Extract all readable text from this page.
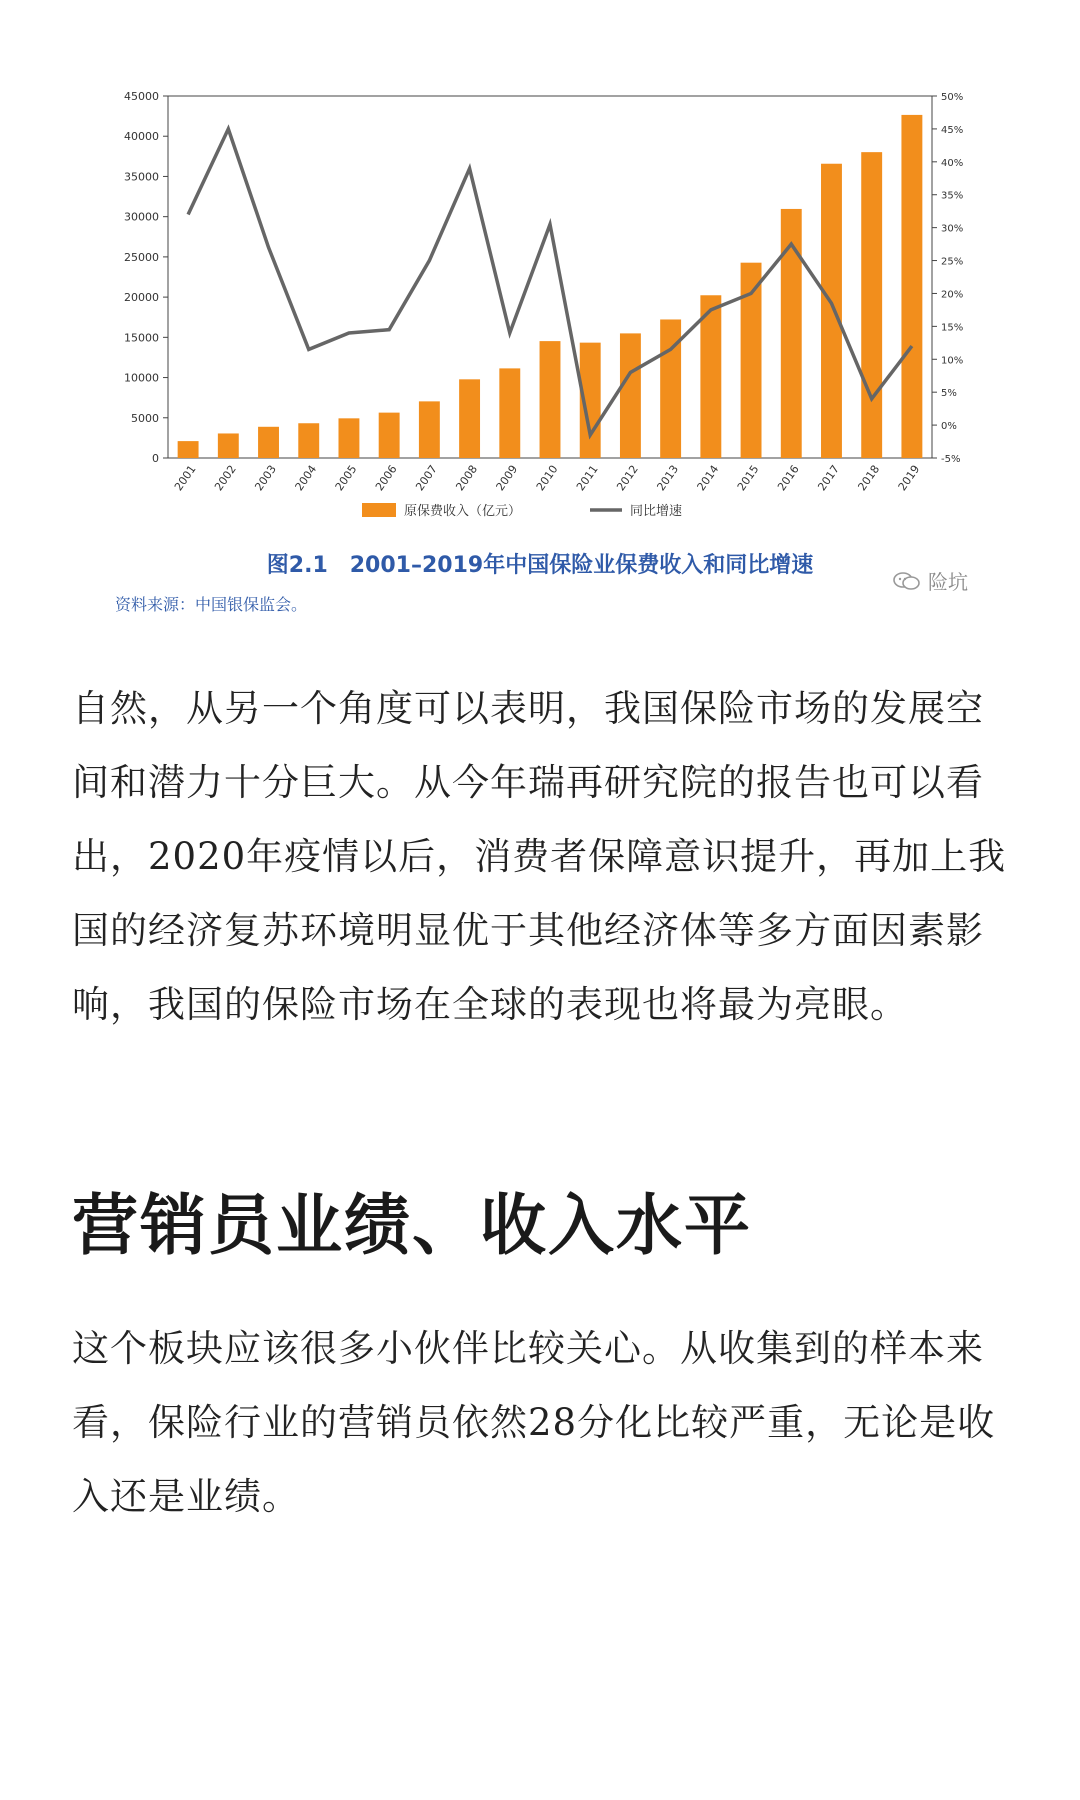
0
5000
10000
15000
20000
25000
30000
35000
40000
45000
-5%
0%
5%
10%
15%
20%
25%
30%
35%
40%
45%
50%
2001 2002 2003 2004 2005 2006 2007 2008 2009 2010 2011 2012 2013 2014 2015 2016 2017 2018 2019
原保费收入（亿元）	同比增速
图2.1　2001–2019年中国保险业保费收入和同比增速
资料来源：中国银保监会。
险坑

自然，从另一个角度可以表明，我国保险市场的发展空间和潜力十分巨大。从今年瑞再研究院的报告也可以看出，2020年疫情以后，消费者保障意识提升，再加上我国的经济复苏环境明显优于其他经济体等多方面因素影响，我国的保险市场在全球的表现也将最为亮眼。

营销员业绩、收入水平

这个板块应该很多小伙伴比较关心。从收集到的样本来看，保险行业的营销员依然28分化比较严重，无论是收入还是业绩。
